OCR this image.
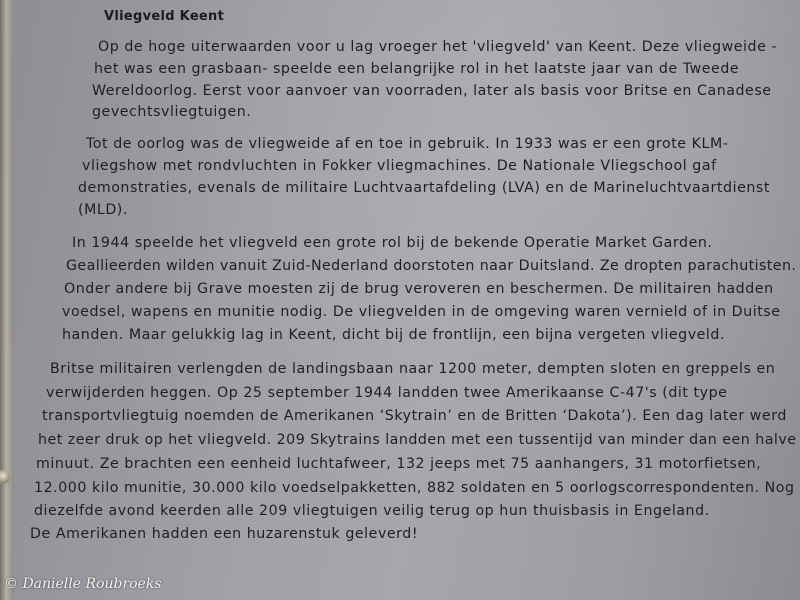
Vliegveld Keent
Op de hoge uiterwaarden voor u lag vroeger het 'vliegveld' van Keent. Deze vliegweide -
het was een grasbaan- speelde een belangrijke rol in het laatste jaar van de Tweede
Wereldoorlog. Eerst voor aanvoer van voorraden, later als basis voor Britse en Canadese
gevechtsvliegtuigen.
Tot de oorlog was de vliegweide af en toe in gebruik. In 1933 was er een grote KLM-
vliegshow met rondvluchten in Fokker vliegmachines. De Nationale Vliegschool gaf
demonstraties, evenals de militaire Luchtvaartafdeling (LVA) en de Marineluchtvaartdienst
(MLD).
In 1944 speelde het vliegveld een grote rol bij de bekende Operatie Market Garden.
Geallieerden wilden vanuit Zuid-Nederland doorstoten naar Duitsland. Ze dropten parachutisten.
Onder andere bij Grave moesten zij de brug veroveren en beschermen. De militairen hadden
voedsel, wapens en munitie nodig. De vliegvelden in de omgeving waren vernield of in Duitse
handen. Maar gelukkig lag in Keent, dicht bij de frontlijn, een bijna vergeten vliegveld.
Britse militairen verlengden de landingsbaan naar 1200 meter, dempten sloten en greppels en
verwijderden heggen. Op 25 september 1944 landden twee Amerikaanse C-47's (dit type
transportvliegtuig noemden de Amerikanen ‘Skytrain’ en de Britten ‘Dakota’). Een dag later werd
het zeer druk op het vliegveld. 209 Skytrains landden met een tussentijd van minder dan een halve
minuut. Ze brachten een eenheid luchtafweer, 132 jeeps met 75 aanhangers, 31 motorfietsen,
12.000 kilo munitie, 30.000 kilo voedselpakketten, 882 soldaten en 5 oorlogscorrespondenten. Nog
diezelfde avond keerden alle 209 vliegtuigen veilig terug op hun thuisbasis in Engeland.
De Amerikanen hadden een huzarenstuk geleverd!
© Danielle Roubroeks
